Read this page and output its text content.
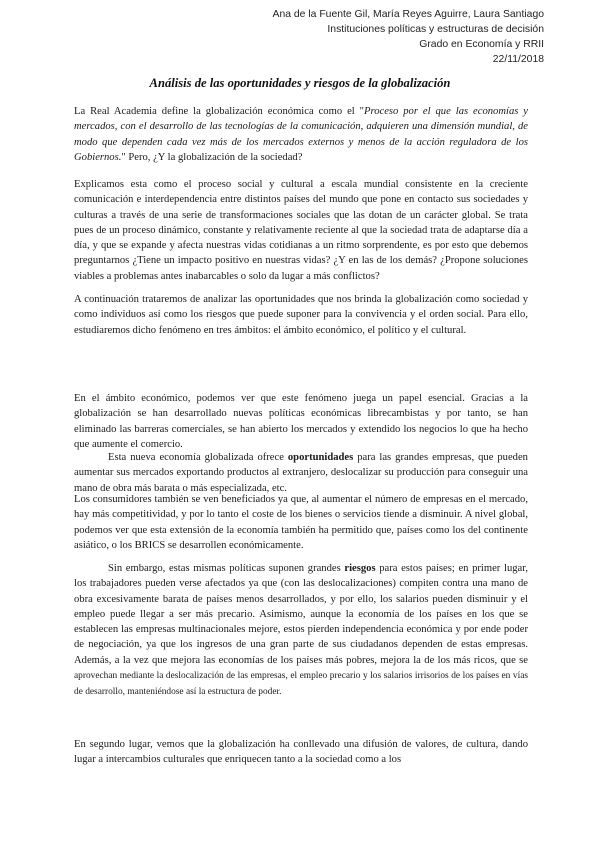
Ana de la Fuente Gil, María Reyes Aguirre, Laura Santiago
Instituciones políticas y estructuras de decisión
Grado en Economía y RRII
22/11/2018
Análisis de las oportunidades y riesgos de la globalización

La Real Academia define la globalización económica como el "Proceso por el que las economías y mercados, con el desarrollo de las tecnologías de la comunicación, adquieren una dimensión mundial, de modo que dependen cada vez más de los mercados externos y menos de la acción reguladora de los Gobiernos." Pero, ¿Y la globalización de la sociedad?

Explicamos esta como el proceso social y cultural a escala mundial consistente en la creciente comunicación e interdependencia entre distintos países del mundo que pone en contacto sus sociedades y culturas a través de una serie de transformaciones sociales que las dotan de un carácter global. Se trata pues de un proceso dinámico, constante y relativamente reciente al que la sociedad trata de adaptarse día a día, y que se expande y afecta nuestras vidas cotidianas a un ritmo sorprendente, es por esto que debemos preguntarnos ¿Tiene un impacto positivo en nuestras vidas? ¿Y en las de los demás? ¿Propone soluciones viables a problemas antes inabarcables o solo da lugar a más conflictos?

A continuación trataremos de analizar las oportunidades que nos brinda la globalización como sociedad y como individuos así como los riesgos que puede suponer para la convivencia y el orden social. Para ello, estudiaremos dicho fenómeno en tres ámbitos: el ámbito económico, el político y el cultural.

En el ámbito económico, podemos ver que este fenómeno juega un papel esencial. Gracias a la globalización se han desarrollado nuevas políticas económicas librecambistas y por tanto, se han eliminado las barreras comerciales, se han abierto los mercados y extendido los negocios lo que ha hecho que aumente el comercio.

Esta nueva economía globalizada ofrece oportunidades para las grandes empresas, que pueden aumentar sus mercados exportando productos al extranjero, deslocalizar su producción para conseguir una mano de obra más barata o más especializada, etc.

Los consumidores también se ven beneficiados ya que, al aumentar el número de empresas en el mercado, hay más competitividad, y por lo tanto el coste de los bienes o servicios tiende a disminuir. A nivel global, podemos ver que esta extensión de la economía también ha permitido que, países como los del continente asiático, o los BRICS se desarrollen económicamente.

Sin embargo, estas mismas políticas suponen grandes riesgos para estos países; en primer lugar, los trabajadores pueden verse afectados ya que (con las deslocalizaciones) compiten contra una mano de obra excesivamente barata de países menos desarrollados, y por ello, los salarios pueden disminuir y el empleo puede llegar a ser más precario. Asimismo, aunque la economía de los países en los que se establecen las empresas multinacionales mejore, estos pierden independencia económica y por ende poder de negociación, ya que los ingresos de una gran parte de sus ciudadanos dependen de estas empresas. Además, a la vez que mejora las economías de los países más pobres, mejora la de los más ricos, que se aprovechan mediante la deslocalización de las empresas, el empleo precario y los salarios irrisorios de los países en vías de desarrollo, manteniéndose así la estructura de poder.

En segundo lugar, vemos que la globalización ha conllevado una difusión de valores, de cultura, dando lugar a intercambios culturales que enriquecen tanto a la sociedad como a los
